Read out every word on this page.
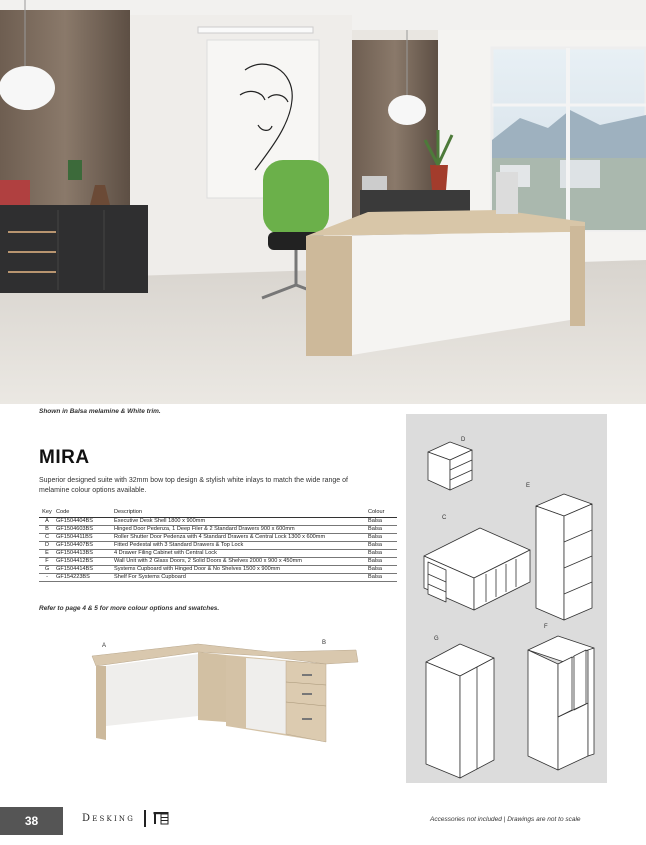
Shown in Balsa melamine & White trim.
MIRA

Superior designed suite with 32mm bow top design & stylish white inlays to match the wide range of melamine colour options available.

Key	Code	Description	Colour
A	GF1504404BS	Executive Desk Shell 1800 x 900mm	Balsa
B	GF1504603BS	Hinged Door Pedenza, 1 Deep Filer & 2 Standard Drawers 900 x 600mm	Balsa
C	GF1504411BS	Roller Shutter Door Pedenza with 4 Standard Drawers & Central Lock 1300 x 600mm	Balsa
D	GF1504407BS	Fitted Pedestal with 3 Standard Drawers & Top Lock	Balsa
E	GF1504413BS	4 Drawer Filing Cabinet with Central Lock	Balsa
F	GF1504412BS	Wall Unit with 2 Glass Doors, 2 Solid Doors & Shelves 2000 x 900 x 450mm	Balsa
G	GF1504414BS	Systems Cupboard with Hinged Door & No Shelves 1500 x 900mm	Balsa
-	GF154223BS	Shelf For Systems Cupboard	Balsa
Refer to page 4 & 5 for more colour options and swatches.
A	B
D
E
C
G
F
38	Desking	Accessories not included | Drawings are not to scale
